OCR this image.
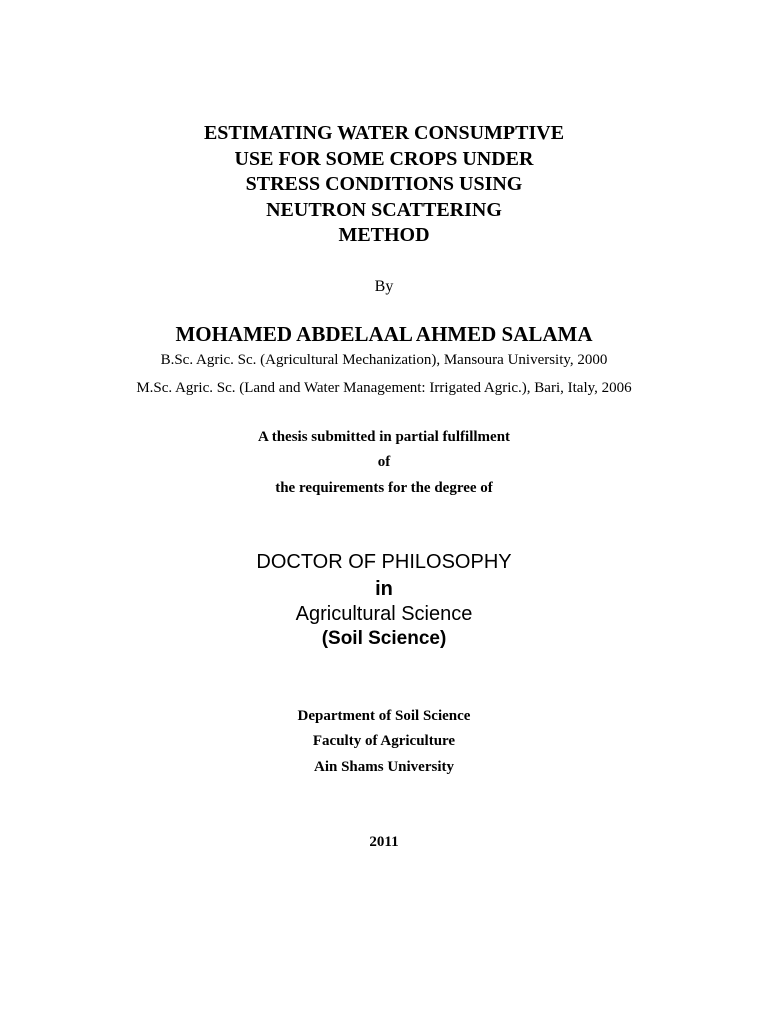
ESTIMATING WATER CONSUMPTIVE
USE FOR SOME CROPS UNDER
STRESS CONDITIONS USING
NEUTRON SCATTERING
METHOD
By
MOHAMED ABDELAAL AHMED SALAMA
B.Sc. Agric. Sc. (Agricultural Mechanization), Mansoura University, 2000
M.Sc. Agric. Sc. (Land and Water Management: Irrigated Agric.), Bari, Italy, 2006
A thesis submitted in partial fulfillment
of
the requirements for the degree of
DOCTOR OF PHILOSOPHY
in
Agricultural Science
(Soil Science)
Department of Soil Science
Faculty of Agriculture
Ain Shams University
2011
